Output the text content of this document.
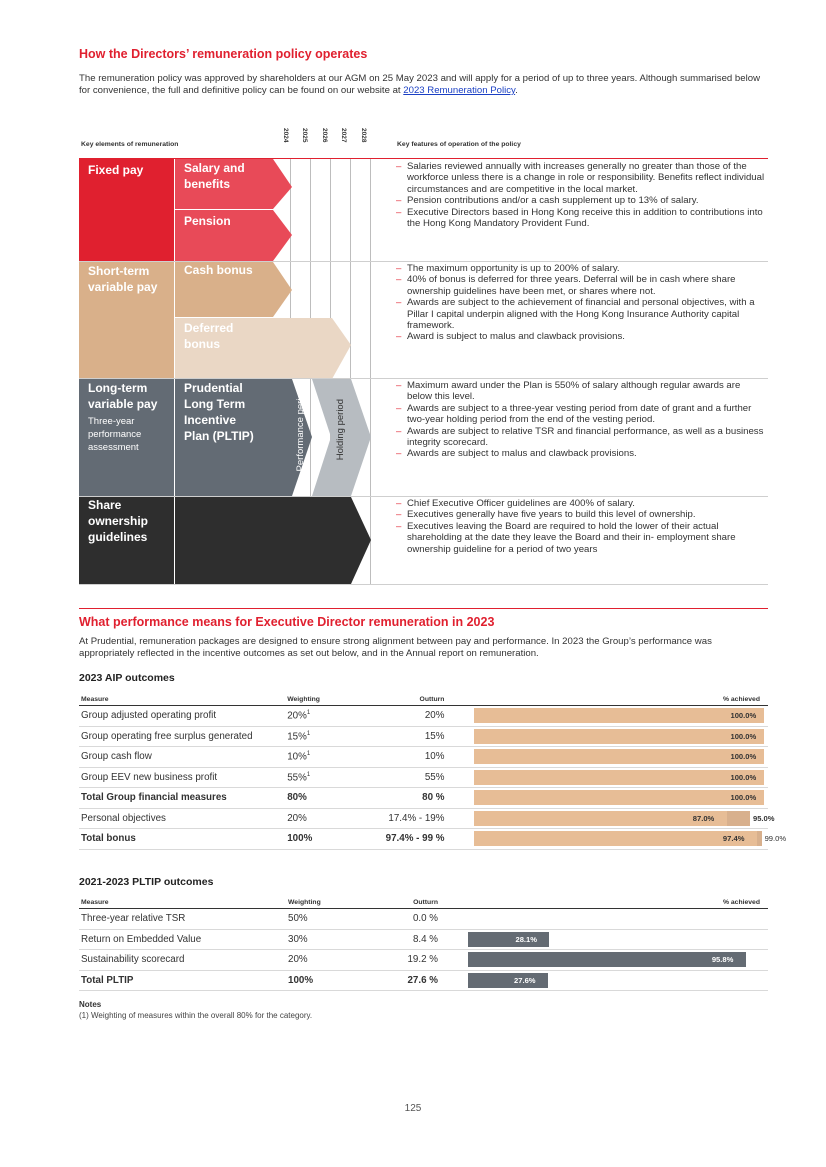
How the Directors’ remuneration policy operates
The remuneration policy was approved by shareholders at our AGM on 25 May 2023 and will apply for a period of up to three years. Although summarised below for convenience, the full and definitive policy can be found on our website at 2023 Remuneration Policy.
Key elements of remuneration
2024 2025 2026 2027 2028
Key features of operation of the policy
Fixed pay	Salary and benefits
Pension
– Salaries reviewed annually with increases generally no greater than those of the workforce unless there is a change in role or responsibility. Benefits reflect individual circumstances and are competitive in the local market.
– Pension contributions and/or a cash supplement up to 13% of salary.
– Executive Directors based in Hong Kong receive this in addition to contributions into the Hong Kong Mandatory Provident Fund.
Short-term variable pay
Cash bonus
Deferred bonus
– The maximum opportunity is up to 200% of salary.
– 40% of bonus is deferred for three years. Deferral will be in cash where share ownership guidelines have been met, or shares where not.
– Awards are subject to the achievement of financial and personal objectives, with a Pillar I capital underpin aligned with the Hong Kong Insurance Authority capital framework.
– Award is subject to malus and clawback provisions.
Long-term variable pay
Three-year performance assessment
Prudential Long Term Incentive Plan (PLTIP)	Performance period	Holding period
– Maximum award under the Plan is 550% of salary although regular awards are below this level.
– Awards are subject to a three-year vesting period from date of grant and a further two-year holding period from the end of the vesting period.
– Awards are subject to relative TSR and financial performance, as well as a business integrity scorecard.
– Awards are subject to malus and clawback provisions.
Share ownership guidelines
– Chief Executive Officer guidelines are 400% of salary.
– Executives generally have five years to build this level of ownership.
– Executives leaving the Board are required to hold the lower of their actual shareholding at the date they leave the Board and their in- employment share ownership guideline for a period of two years
What performance means for Executive Director remuneration in 2023
At Prudential, remuneration packages are designed to ensure strong alignment between pay and performance. In 2023 the Group’s performance was appropriately reflected in the incentive outcomes as set out below, and in the Annual report on remuneration.
2023 AIP outcomes
Measure	Weighting	Outturn	% achieved
Group adjusted operating profit	20%$^1$	20%	100.0%

Group operating free surplus generated	15%$^1$	15%	100.0%

Group cash flow	10%$^1$	10%	100.0%

Group EEV new business profit	55%$^1$	55%	100.0%

Total Group financial measures	80%	80 %	100.0%

Personal objectives	20%	17.4% - 19%	87.0% 95.0%

Total bonus	100%	97.4% - 99 %	97.4% 99.0%
2021-2023 PLTIP outcomes
Measure	Weighting	Outturn	% achieved
Three-year relative TSR	50%	0.0 %	
Return on Embedded Value	30%	8.4 %	28.1%

Sustainability scorecard	20%	19.2 %	95.8%

Total PLTIP	100%	27.6 %	27.6%
Notes
(1) Weighting of measures within the overall 80% for the category.
125
